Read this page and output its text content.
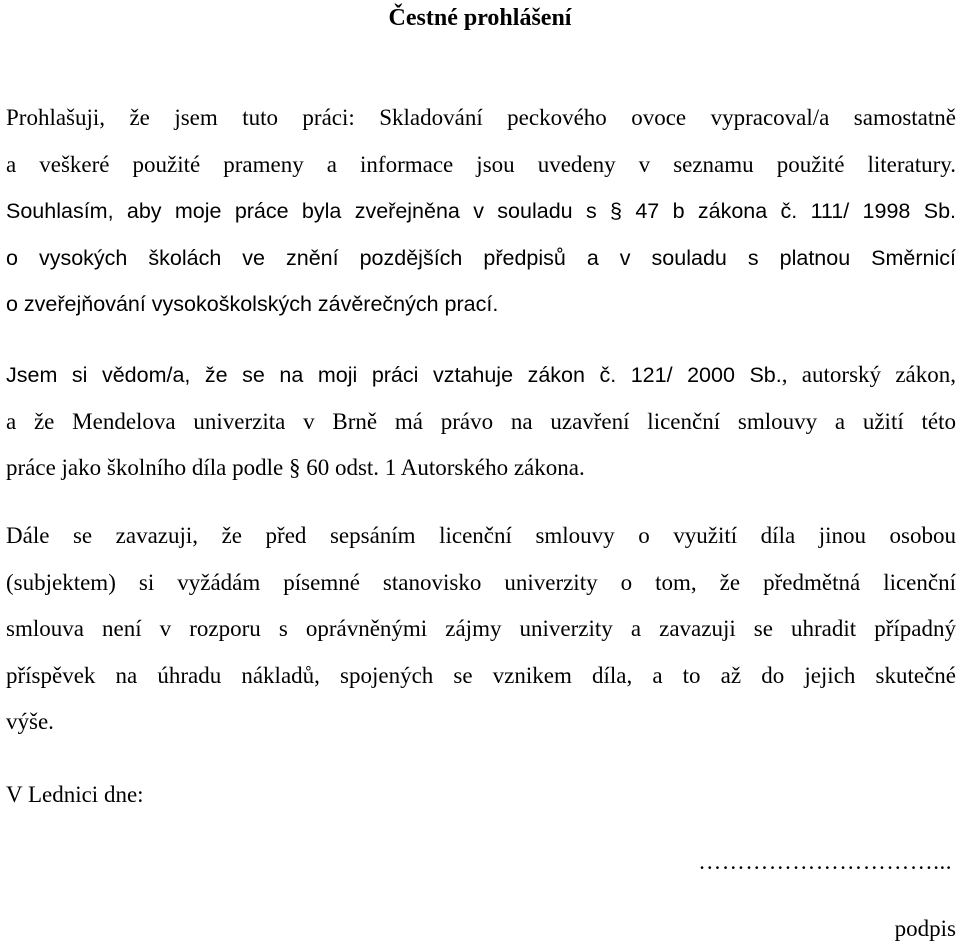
Čestné prohlášení
Prohlašuji, že jsem tuto práci: Skladování peckového ovoce vypracoval/a samostatně
a veškeré použité prameny a informace jsou uvedeny v seznamu použité literatury.
Souhlasím, aby moje práce byla zveřejněna v souladu s § 47 b zákona č. 111/ 1998 Sb.
o vysokých školách ve znění pozdějších předpisů a v souladu s platnou Směrnicí
o zveřejňování vysokoškolských závěrečných prací.
Jsem si vědom/a, že se na moji práci vztahuje zákon č. 121/ 2000 Sb., autorský zákon,
a že Mendelova univerzita v Brně má právo na uzavření licenční smlouvy a užití této
práce jako školního díla podle § 60 odst. 1 Autorského zákona.
Dále se zavazuji, že před sepsáním licenční smlouvy o využití díla jinou osobou
(subjektem) si vyžádám písemné stanovisko univerzity o tom, že předmětná licenční
smlouva není v rozporu s oprávněnými zájmy univerzity a zavazuji se uhradit případný
příspěvek na úhradu nákladů, spojených se vznikem díla, a to až do jejich skutečné
výše.
V Lednici dne:
…………………………...
podpis
